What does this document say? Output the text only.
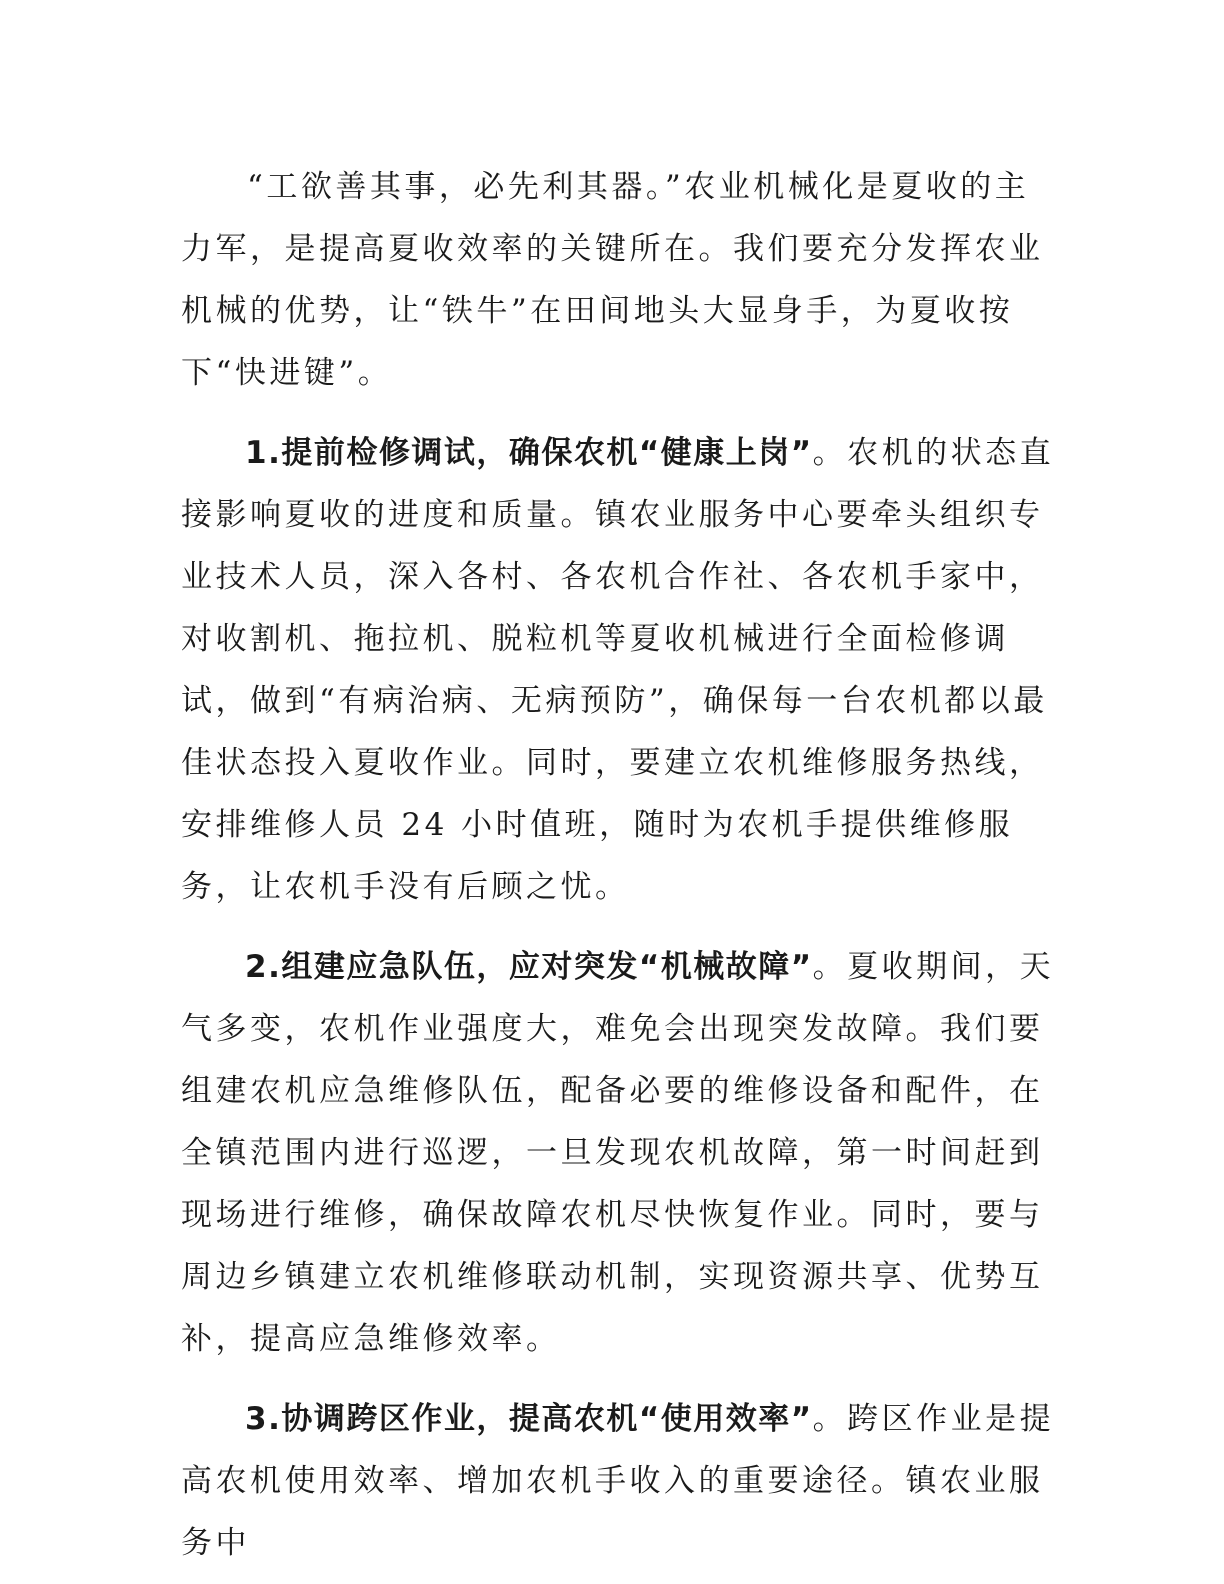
“工欲善其事，必先利其器。”农业机械化是夏收的主力军，是提高夏收效率的关键所在。我们要充分发挥农业机械的优势，让“铁牛”在田间地头大显身手，为夏收按下“快进键”。

1.提前检修调试，确保农机“健康上岗”。农机的状态直接影响夏收的进度和质量。镇农业服务中心要牵头组织专业技术人员，深入各村、各农机合作社、各农机手家中，对收割机、拖拉机、脱粒机等夏收机械进行全面检修调试，做到“有病治病、无病预防”，确保每一台农机都以最佳状态投入夏收作业。同时，要建立农机维修服务热线，安排维修人员 24 小时值班，随时为农机手提供维修服务，让农机手没有后顾之忧。

2.组建应急队伍，应对突发“机械故障”。夏收期间，天气多变，农机作业强度大，难免会出现突发故障。我们要组建农机应急维修队伍，配备必要的维修设备和配件，在全镇范围内进行巡逻，一旦发现农机故障，第一时间赶到现场进行维修，确保故障农机尽快恢复作业。同时，要与周边乡镇建立农机维修联动机制，实现资源共享、优势互补，提高应急维修效率。

3.协调跨区作业，提高农机“使用效率”。跨区作业是提高农机使用效率、增加农机手收入的重要途径。镇农业服务中
